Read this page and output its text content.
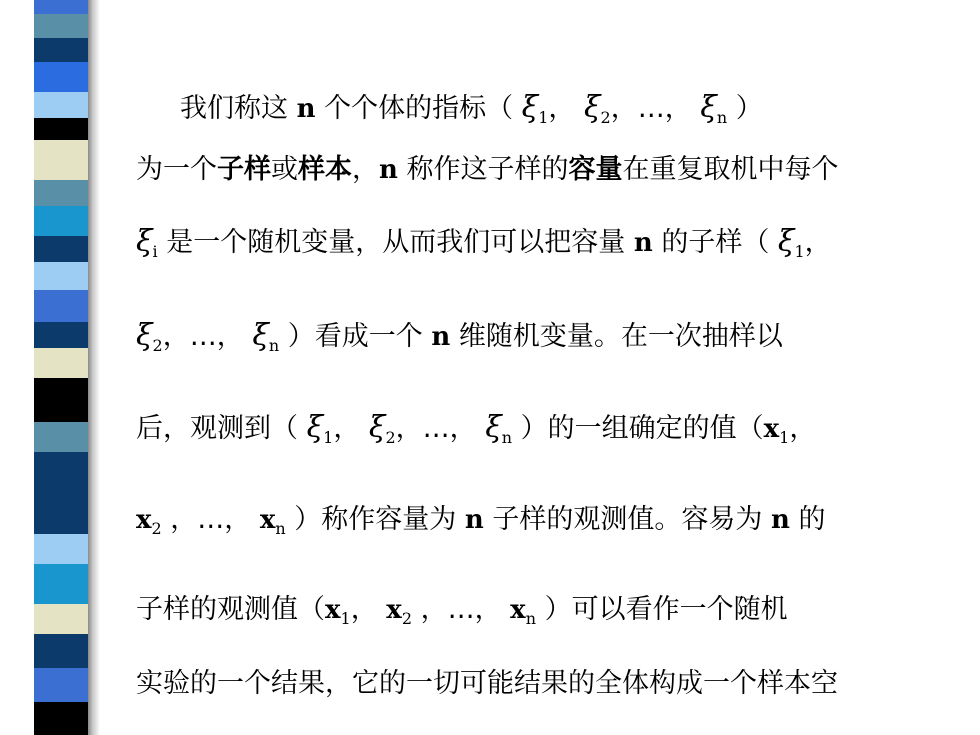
我们称这 n 个个体的指标（ $\xi_1$， $\xi_2$，…， $\xi_n$ ）
为一个子样或样本，n 称作这子样的容量在重复取机中每个
$\xi_i$ 是一个随机变量，从而我们可以把容量 n 的子样（ $\xi_1$，
$\xi_2$，…， $\xi_n$ ）看成一个 n 维随机变量。在一次抽样以
后，观测到（ $\xi_1$， $\xi_2$，…， $\xi_n$ ）的一组确定的值（$x_1$，
$x_2$ ，…， $x_n$ ）称作容量为 n 子样的观测值。容易为 n 的
子样的观测值（$x_1$， $x_2$ ，…， $x_n$ ）可以看作一个随机
实验的一个结果，它的一切可能结果的全体构成一个样本空
